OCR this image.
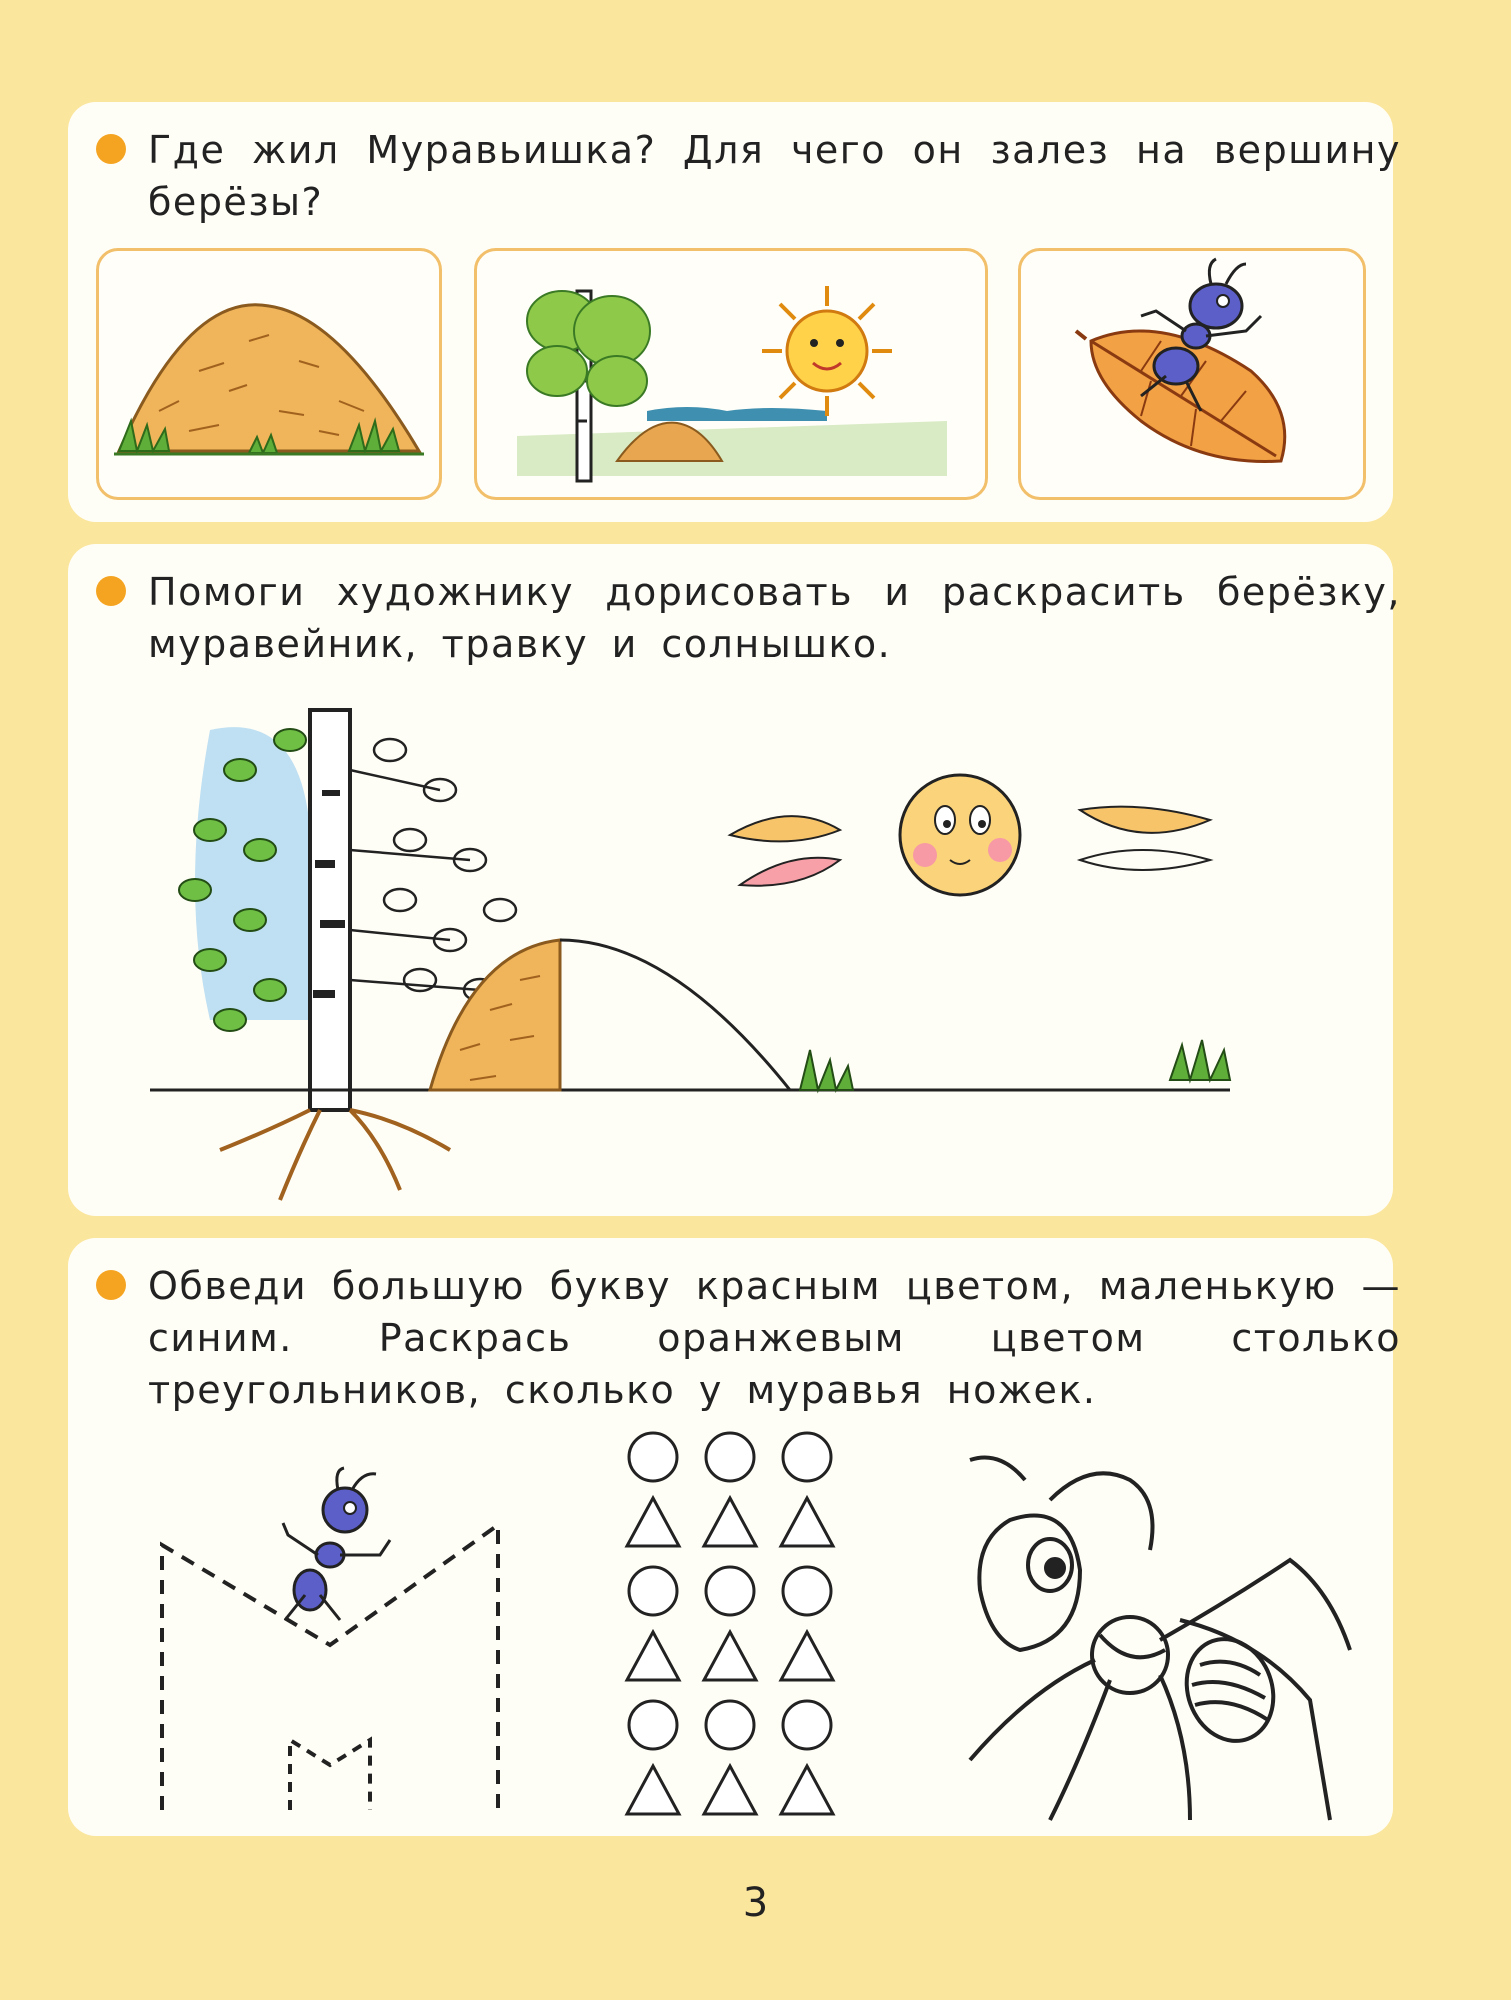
Где жил Муравьишка? Для чего он залез на вершину берёзы?

Помоги художнику дорисовать и раскрасить берёзку, муравейник, травку и солнышко.

Обведи большую букву красным цветом, маленькую — синим. Раскрась оранжевым цветом столько треугольников, сколько у муравья ножек.

3
